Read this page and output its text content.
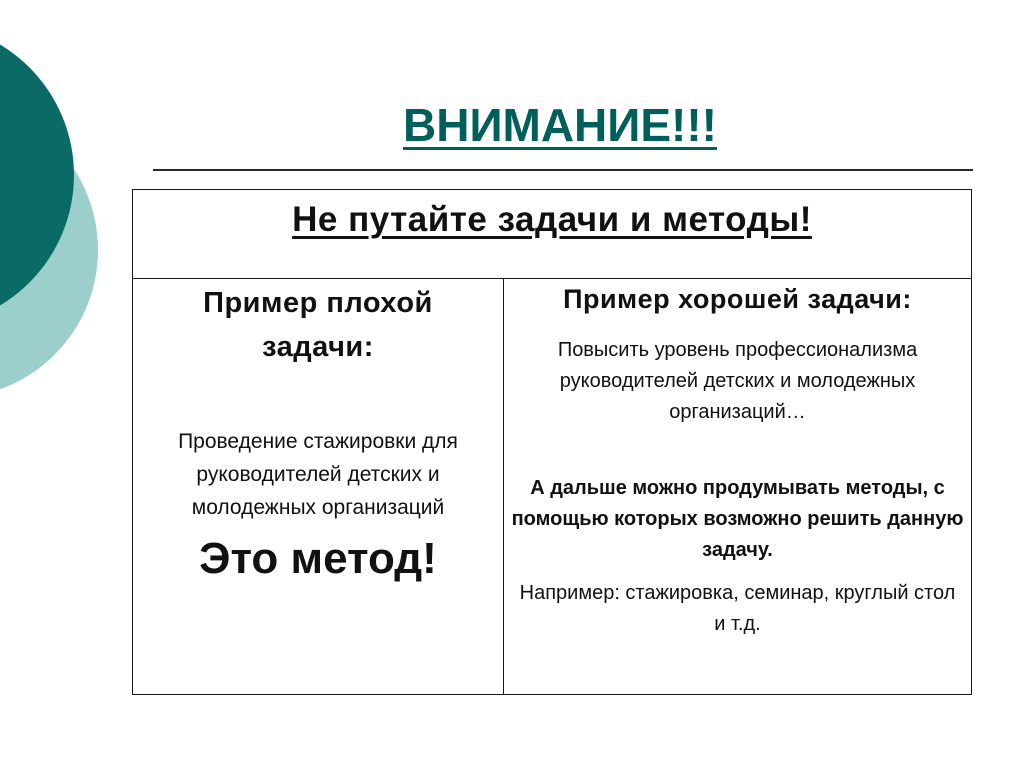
ВНИМАНИЕ!!!
Не путайте задачи и методы!

Пример плохой задачи:

Проведение стажировки для руководителей детских и молодежных организаций

Это метод!

Пример хорошей задачи:

Повысить уровень профессионализма руководителей детских и молодежных организаций…

А дальше можно продумывать методы, с помощью которых возможно решить данную задачу.

Например: стажировка, семинар, круглый стол и т.д.
